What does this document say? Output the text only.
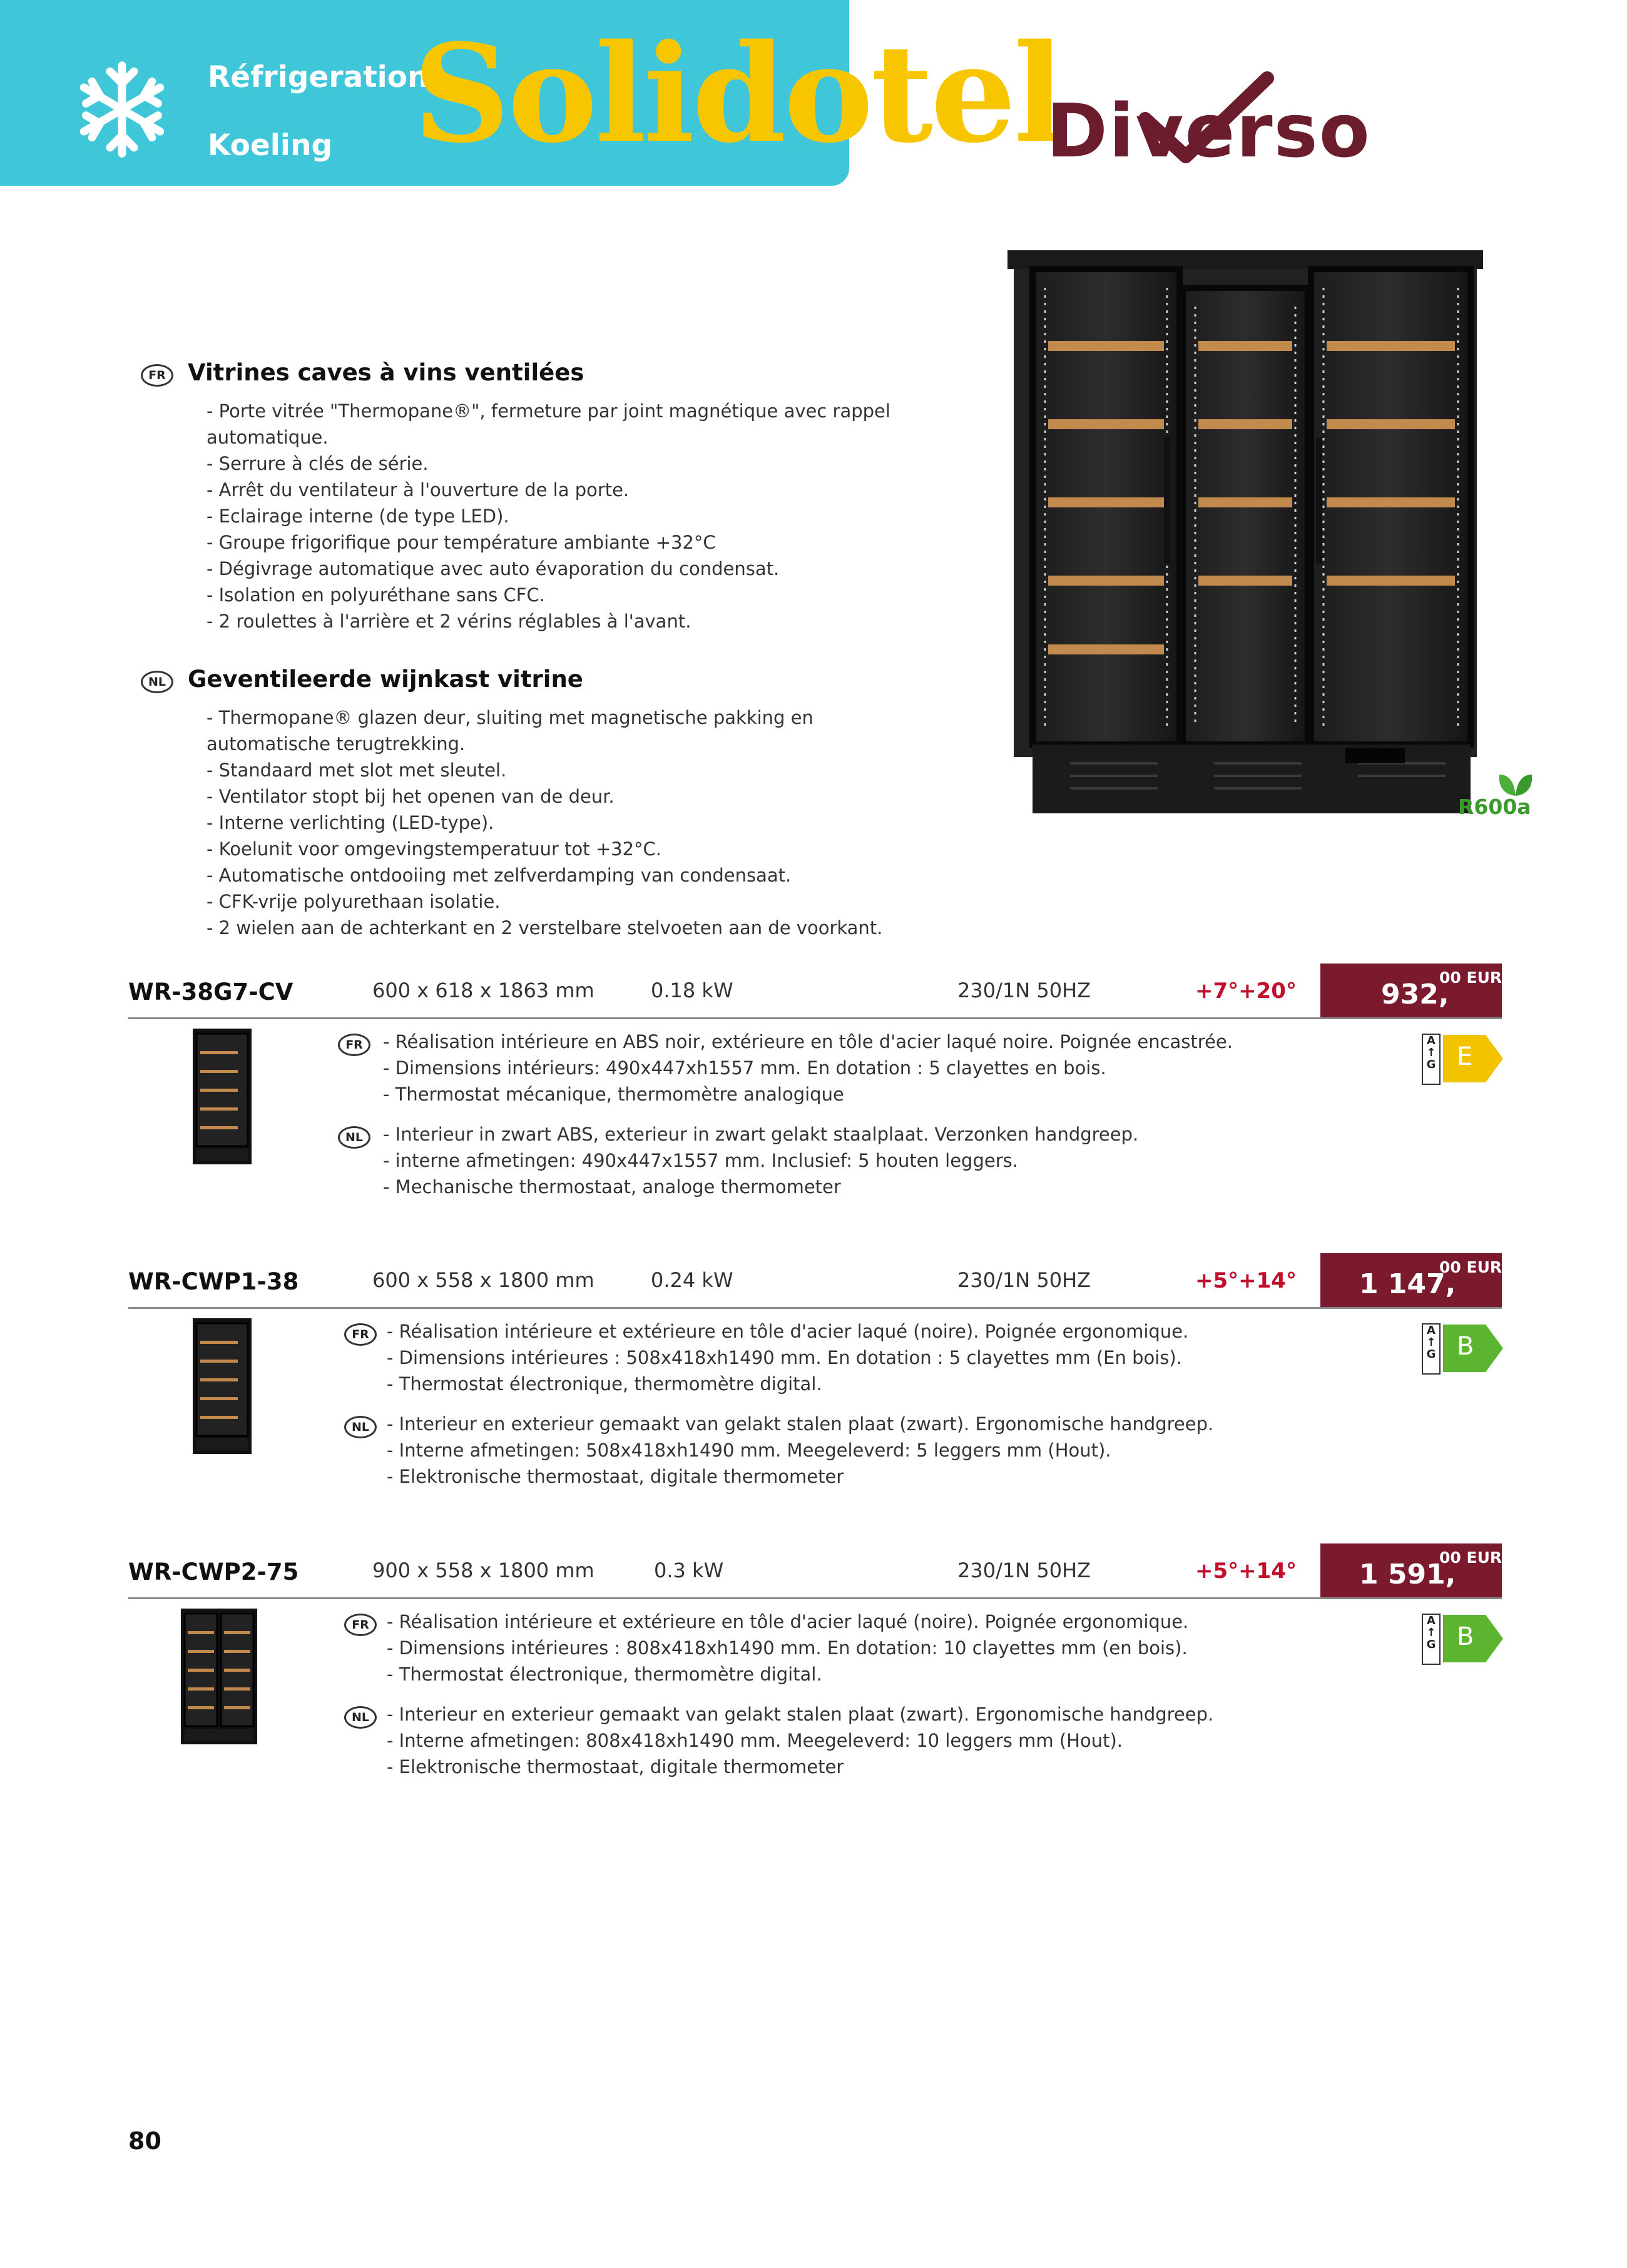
Réfrigeration
Koeling Solidotel
Diverso
R600a
FR Vitrines caves à vins ventilées
- Porte vitrée "Thermopane®", fermeture par joint magnétique avec rappel
automatique.
- Serrure à clés de série.
- Arrêt du ventilateur à l'ouverture de la porte.
- Eclairage interne (de type LED).
- Groupe frigorifique pour température ambiante +32°C
- Dégivrage automatique avec auto évaporation du condensat.
- Isolation en polyuréthane sans CFC.
- 2 roulettes à l'arrière et 2 vérins réglables à l'avant.
NL Geventileerde wijnkast vitrine
- Thermopane® glazen deur, sluiting met magnetische pakking en
automatische terugtrekking.
- Standaard met slot met sleutel.
- Ventilator stopt bij het openen van de deur.
- Interne verlichting (LED-type).
- Koelunit voor omgevingstemperatuur tot +32°C.
- Automatische ontdooiing met zelfverdamping van condensaat.
- CFK-vrije polyurethaan isolatie.
- 2 wielen aan de achterkant en 2 verstelbare stelvoeten aan de voorkant.
WR-38G7-CV	600 x 618 x 1863 mm	0.18 kW	230/1N 50HZ	+7°+20°	932,
00 EUR
FR	- Réalisation intérieure en ABS noir, extérieure en tôle d'acier laqué noire. Poignée encastrée.
- Dimensions intérieurs: 490x447xh1557 mm. En dotation : 5 clayettes en bois.
- Thermostat mécanique, thermomètre analogique
NL	- Interieur in zwart ABS, exterieur in zwart gelakt staalplaat. Verzonken handgreep.
- interne afmetingen: 490x447x1557 mm. Inclusief: 5 houten leggers.
- Mechanische thermostaat, analoge thermometer
A
↑
G E
WR-CWP1-38	600 x 558 x 1800 mm	0.24 kW	230/1N 50HZ	+5°+14° 1 147,
00 EUR
FR - Réalisation intérieure et extérieure en tôle d'acier laqué (noire). Poignée ergonomique.
- Dimensions intérieures : 508x418xh1490 mm. En dotation : 5 clayettes mm (En bois).
- Thermostat électronique, thermomètre digital.
NL - Interieur en exterieur gemaakt van gelakt stalen plaat (zwart). Ergonomische handgreep.
- Interne afmetingen: 508x418xh1490 mm. Meegeleverd: 5 leggers mm (Hout).
- Elektronische thermostaat, digitale thermometer
A
↑
G B
WR-CWP2-75	900 x 558 x 1800 mm	0.3 kW	230/1N 50HZ	+5°+14° 1 591,
00 EUR
FR - Réalisation intérieure et extérieure en tôle d'acier laqué (noire). Poignée ergonomique.
- Dimensions intérieures : 808x418xh1490 mm. En dotation: 10 clayettes mm (en bois).
- Thermostat électronique, thermomètre digital.
NL - Interieur en exterieur gemaakt van gelakt stalen plaat (zwart). Ergonomische handgreep.
- Interne afmetingen: 808x418xh1490 mm. Meegeleverd: 10 leggers mm (Hout).
- Elektronische thermostaat, digitale thermometer
A
↑
G B
80
